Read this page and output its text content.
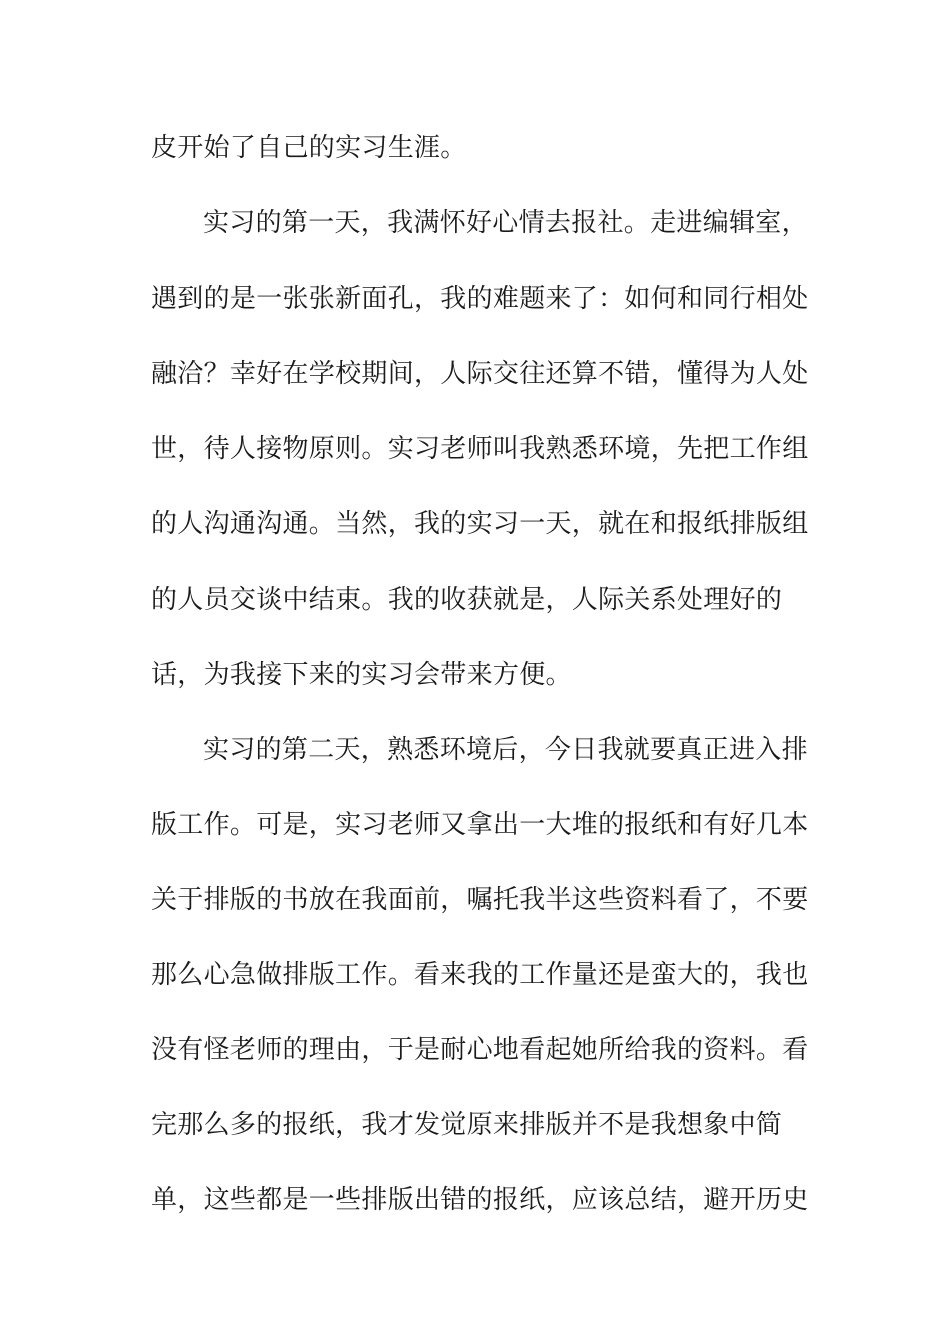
皮开始了自己的实习生涯。
实习的第一天，我满怀好心情去报社。走进编辑室，
遇到的是一张张新面孔，我的难题来了：如何和同行相处
融洽？幸好在学校期间，人际交往还算不错，懂得为人处
世，待人接物原则。实习老师叫我熟悉环境，先把工作组
的人沟通沟通。当然，我的实习一天，就在和报纸排版组
的人员交谈中结束。我的收获就是，人际关系处理好的
话，为我接下来的实习会带来方便。
实习的第二天，熟悉环境后，今日我就要真正进入排
版工作。可是，实习老师又拿出一大堆的报纸和有好几本
关于排版的书放在我面前，嘱托我半这些资料看了，不要
那么心急做排版工作。看来我的工作量还是蛮大的，我也
没有怪老师的理由，于是耐心地看起她所给我的资料。看
完那么多的报纸，我才发觉原来排版并不是我想象中简
单，这些都是一些排版出错的报纸，应该总结，避开历史
